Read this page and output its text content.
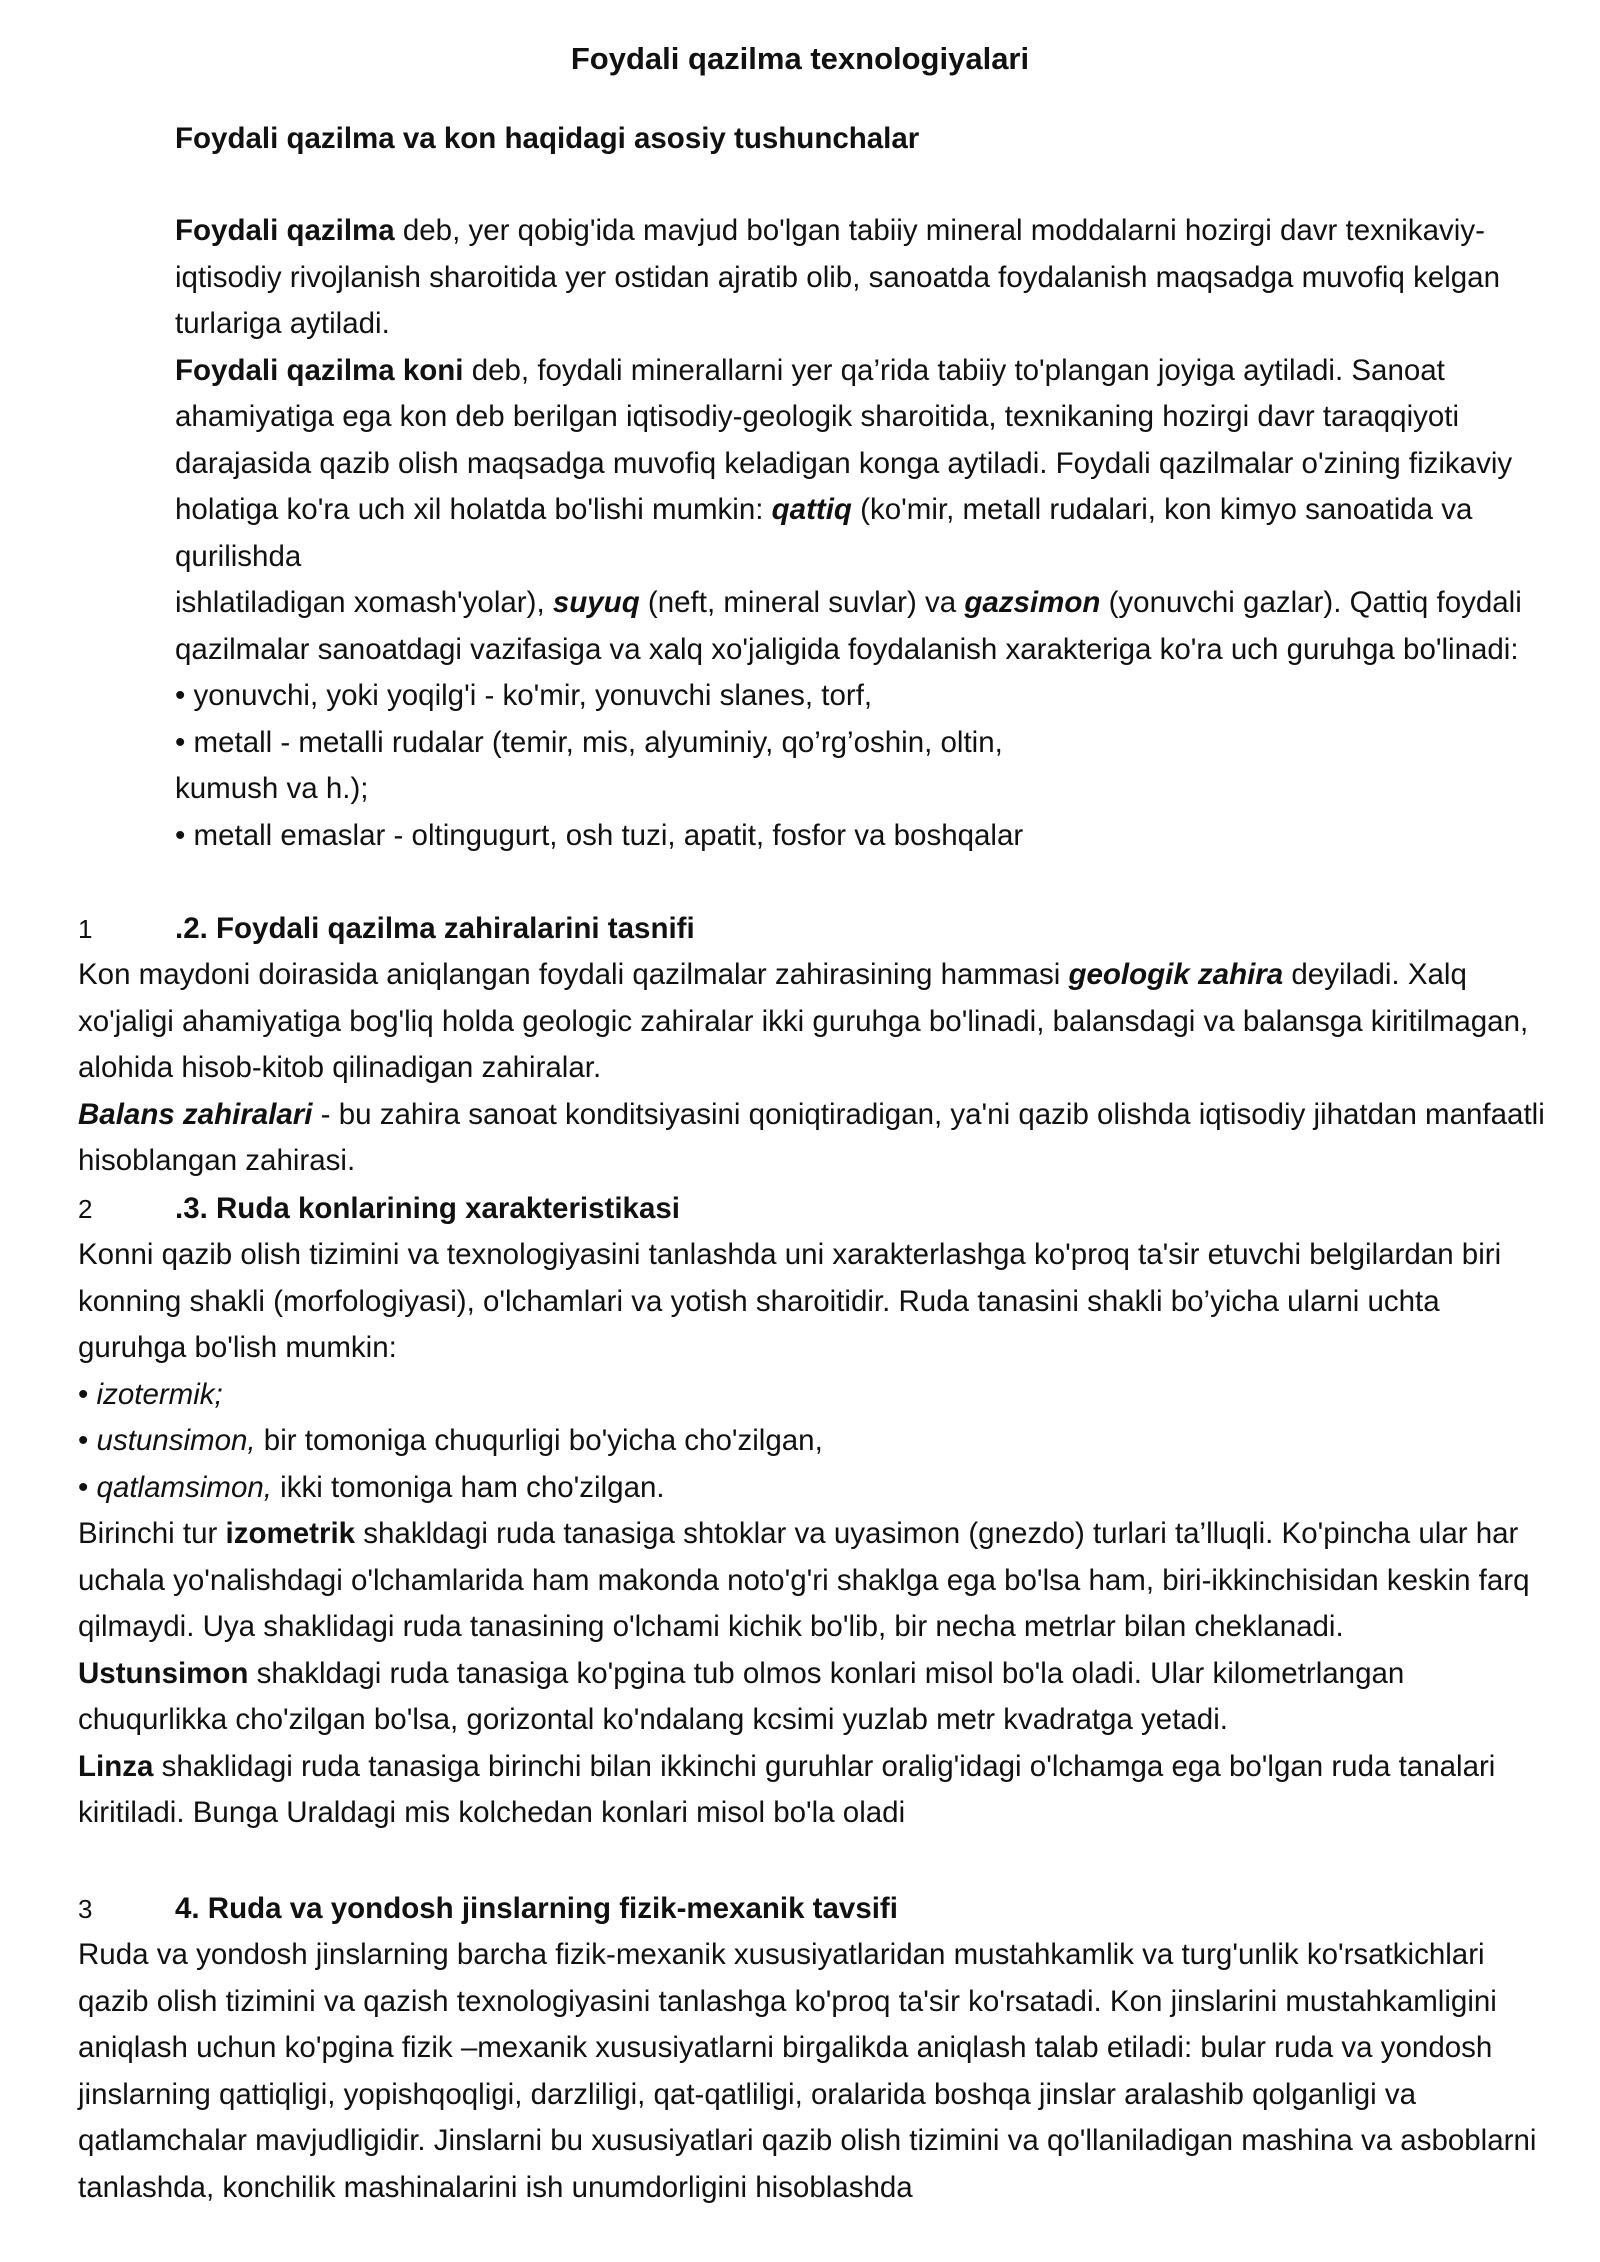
Foydali qazilma texnologiyalari

Foydali qazilma va kon haqidagi asosiy tushunchalar

Foydali qazilma deb, yer qobig'ida mavjud bo'lgan tabiiy mineral moddalarni hozirgi davr texnikaviy-iqtisodiy rivojlanish sharoitida yer ostidan ajratib olib, sanoatda foydalanish maqsadga muvofiq kelgan turlariga aytiladi.

Foydali qazilma koni deb, foydali minerallarni yer qa’rida tabiiy to'plangan joyiga aytiladi. Sanoat ahamiyatiga ega kon deb berilgan iqtisodiy-geologik sharoitida, texnikaning hozirgi davr taraqqiyoti darajasida qazib olish maqsadga muvofiq keladigan konga aytiladi. Foydali qazilmalar o'zining fizikaviy holatiga ko'ra uch xil holatda bo'lishi mumkin: qattiq (ko'mir, metall rudalari, kon kimyo sanoatida va qurilishda

ishlatiladigan xomash'yolar), suyuq (neft, mineral suvlar) va gazsimon (yonuvchi gazlar). Qattiq foydali qazilmalar sanoatdagi vazifasiga va xalq xo'jaligida foydalanish xarakteriga ko'ra uch guruhga bo'linadi:

• yonuvchi, yoki yoqilg'i - ko'mir, yonuvchi slanes, torf,

• metall - metalli rudalar (temir, mis, alyuminiy, qo’rg’oshin, oltin,

kumush va h.);

• metall emaslar - oltingugurt, osh tuzi, apatit, fosfor va boshqalar

1	.2. Foydali qazilma zahiralarini tasnifi

Kon maydoni doirasida aniqlangan foydali qazilmalar zahirasining hammasi geologik zahira deyiladi. Xalq xo'jaligi ahamiyatiga bog'liq holda geologic zahiralar ikki guruhga bo'linadi, balansdagi va balansga kiritilmagan, alohida hisob-kitob qilinadigan zahiralar.

Balans zahiralari - bu zahira sanoat konditsiyasini qoniqtiradigan, ya'ni qazib olishda iqtisodiy jihatdan manfaatli hisoblangan zahirasi.

2	.3. Ruda konlarining xarakteristikasi

Konni qazib olish tizimini va texnologiyasini tanlashda uni xarakterlashga ko'proq ta'sir etuvchi belgilardan biri konning shakli (morfologiyasi), o'lchamlari va yotish sharoitidir. Ruda tanasini shakli bo’yicha ularni uchta guruhga bo'lish mumkin:

• izotermik;

• ustunsimon, bir tomoniga chuqurligi bo'yicha cho'zilgan,

• qatlamsimon, ikki tomoniga ham cho'zilgan.

Birinchi tur izometrik shakldagi ruda tanasiga shtoklar va uyasimon (gnezdo) turlari ta’lluqli. Ko'pincha ular har uchala yo'nalishdagi o'lchamlarida ham makonda noto'g'ri shaklga ega bo'lsa ham, biri-ikkinchisidan keskin farq

qilmaydi. Uya shaklidagi ruda tanasining o'lchami kichik bo'lib, bir necha metrlar bilan cheklanadi.

Ustunsimon shakldagi ruda tanasiga ko'pgina tub olmos konlari misol bo'la oladi. Ular kilometrlangan chuqurlikka cho'zilgan bo'lsa, gorizontal ko'ndalang kcsimi yuzlab metr kvadratga yetadi.

Linza shaklidagi ruda tanasiga birinchi bilan ikkinchi guruhlar oralig'idagi o'lchamga ega bo'lgan ruda tanalari kiritiladi. Bunga Uraldagi mis kolchedan konlari misol bo'la oladi

3	4. Ruda va yondosh jinslarning fizik-mexanik tavsifi

Ruda va yondosh jinslarning barcha fizik-mexanik xususiyatlaridan mustahkamlik va turg'unlik ko'rsatkichlari qazib olish tizimini va qazish texnologiyasini tanlashga ko'proq ta'sir ko'rsatadi. Kon jinslarini mustahkamligini aniqlash uchun ko'pgina fizik –mexanik xususiyatlarni birgalikda aniqlash talab etiladi: bular ruda va yondosh jinslarning qattiqligi, yopishqoqligi, darzliligi, qat-qatliligi, oralarida boshqa jinslar aralashib qolganligi va qatlamchalar mavjudligidir. Jinslarni bu xususiyatlari qazib olish tizimini va qo'llaniladigan mashina va asboblarni tanlashda, konchilik mashinalarini ish unumdorligini hisoblashda
